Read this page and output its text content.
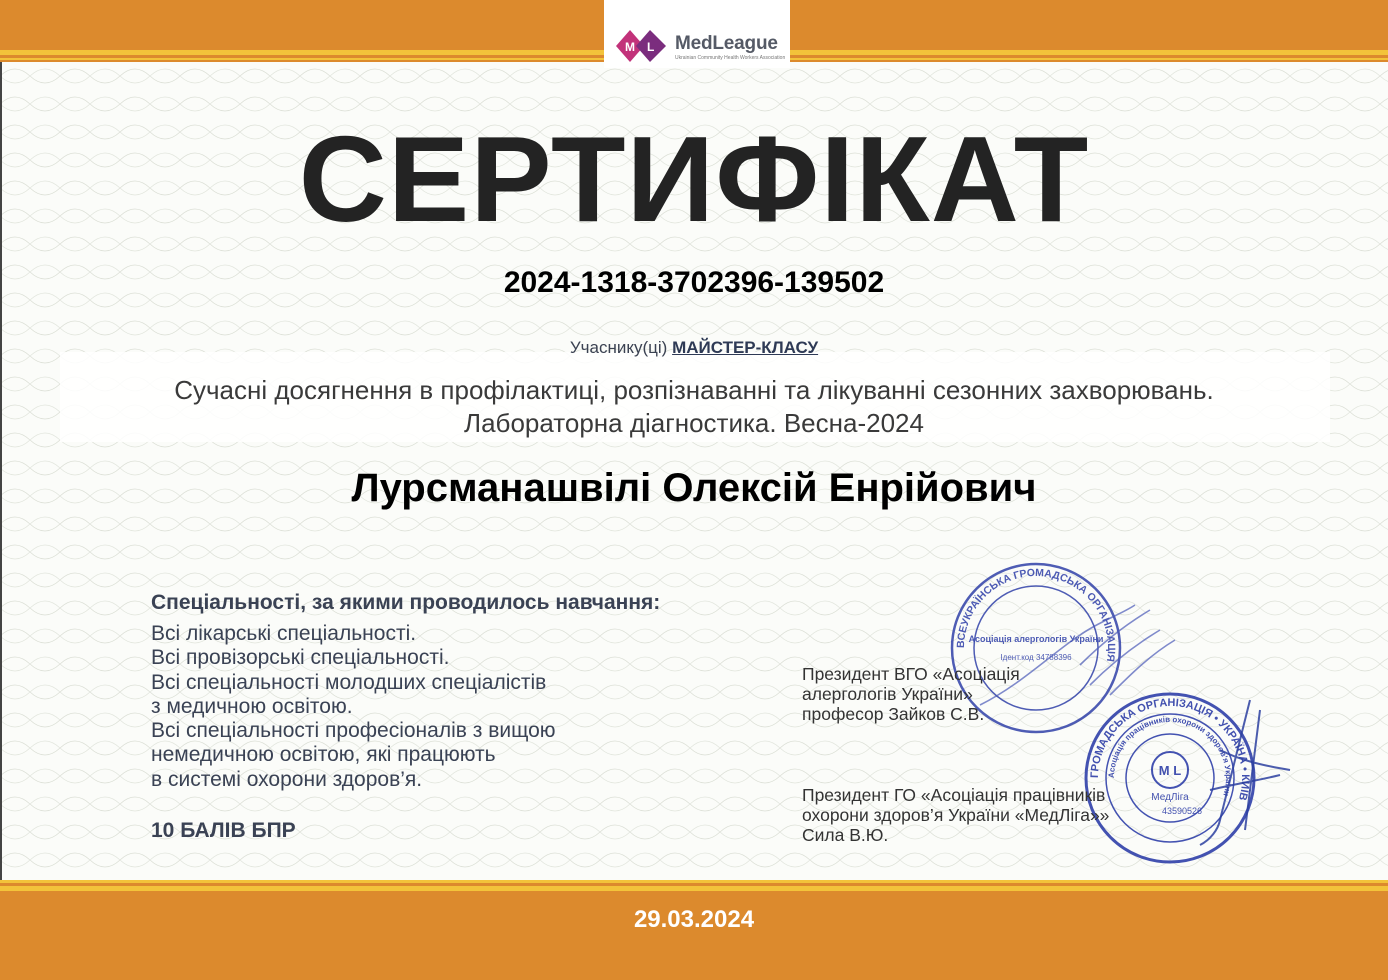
M L MedLeague
Ukrainian Community Health Workers Association
СЕРТИФІКАТ
2024-1318-3702396-139502
Учаснику(ці) МАЙСТЕР-КЛАСУ
Сучасні досягнення в профілактиці, розпізнаванні та лікуванні сезонних захворювань.
Лабораторна діагностика. Весна-2024
Лурсманашвілі Олексій Енрійович
Спеціальності, за якими проводилось навчання:
Всі лікарські спеціальності.
Всі провізорські спеціальності.
Всі спеціальності молодших спеціалістів
з медичною освітою.
Всі спеціальності професіоналів з вищою
немедичною освітою, які працюють
в системі охорони здоров’я.
10 БАЛІВ БПР
ВСЕУКРАЇНСЬКА ГРОМАДСЬКА ОРГАНІЗАЦІЯ
Асоціація алергологів України
Ідент.код 34788396
ГРОМАДСЬКА ОРГАНІЗАЦІЯ • УКРАЇНА • КИЇВ
Асоціація працівників охорони здоров'я України
M L
МедЛіга
43590526
Президент ВГО «Асоціація
алергологів України»
професор Зайков С.В.
Президент ГО «Асоціація працівників
охорони здоров’я України «МедЛіга»»
Сила В.Ю.
29.03.2024
